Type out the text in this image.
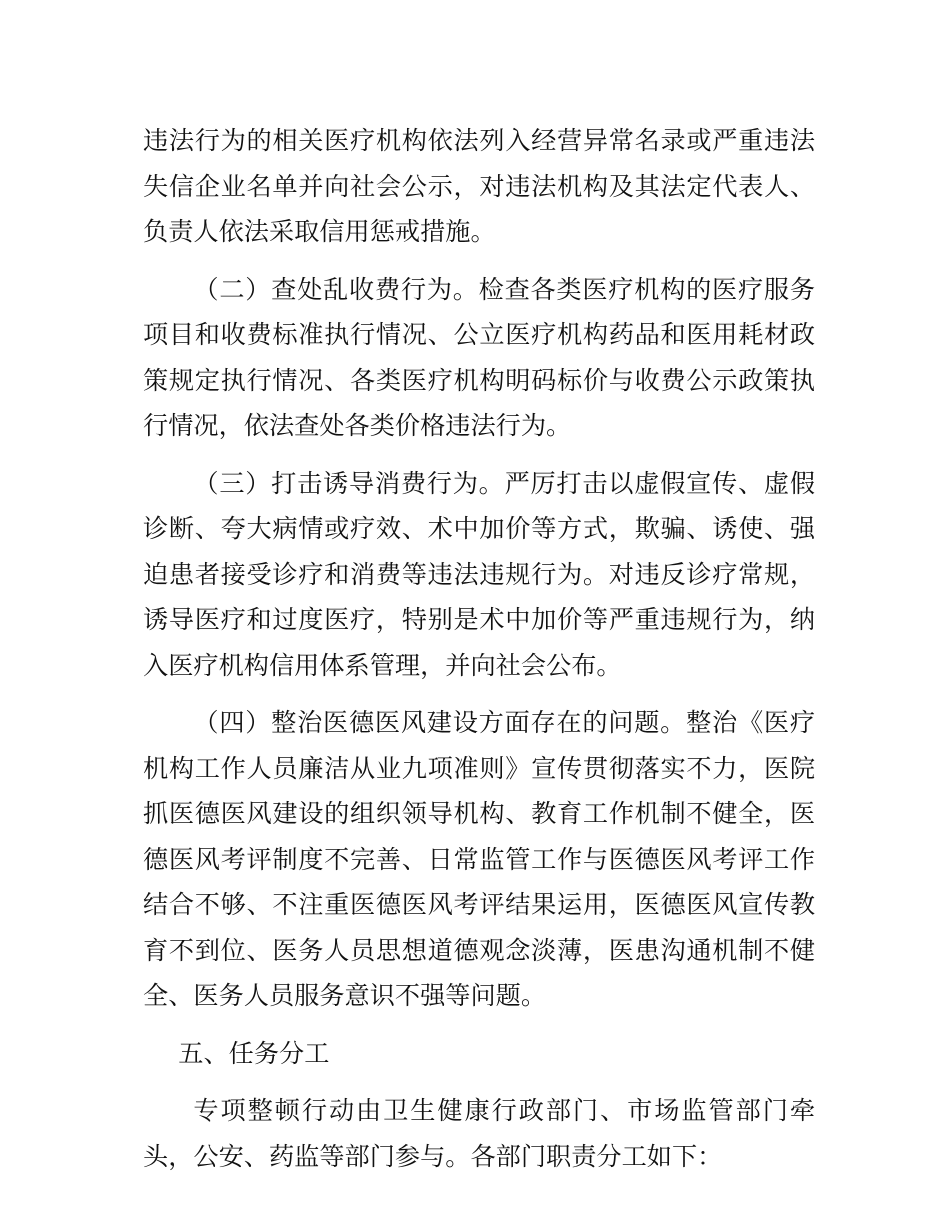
违法行为的相关医疗机构依法列入经营异常名录或严重违法失信企业名单并向社会公示，对违法机构及其法定代表人、负责人依法采取信用惩戒措施。

（二）查处乱收费行为。检查各类医疗机构的医疗服务项目和收费标准执行情况、公立医疗机构药品和医用耗材政策规定执行情况、各类医疗机构明码标价与收费公示政策执行情况，依法查处各类价格违法行为。

（三）打击诱导消费行为。严厉打击以虚假宣传、虚假诊断、夸大病情或疗效、术中加价等方式，欺骗、诱使、强迫患者接受诊疗和消费等违法违规行为。对违反诊疗常规，诱导医疗和过度医疗，特别是术中加价等严重违规行为，纳入医疗机构信用体系管理，并向社会公布。

（四）整治医德医风建设方面存在的问题。整治《医疗机构工作人员廉洁从业九项准则》宣传贯彻落实不力，医院抓医德医风建设的组织领导机构、教育工作机制不健全，医德医风考评制度不完善、日常监管工作与医德医风考评工作结合不够、不注重医德医风考评结果运用，医德医风宣传教育不到位、医务人员思想道德观念淡薄，医患沟通机制不健全、医务人员服务意识不强等问题。

五、任务分工

专项整顿行动由卫生健康行政部门、市场监管部门牵头，公安、药监等部门参与。各部门职责分工如下：
